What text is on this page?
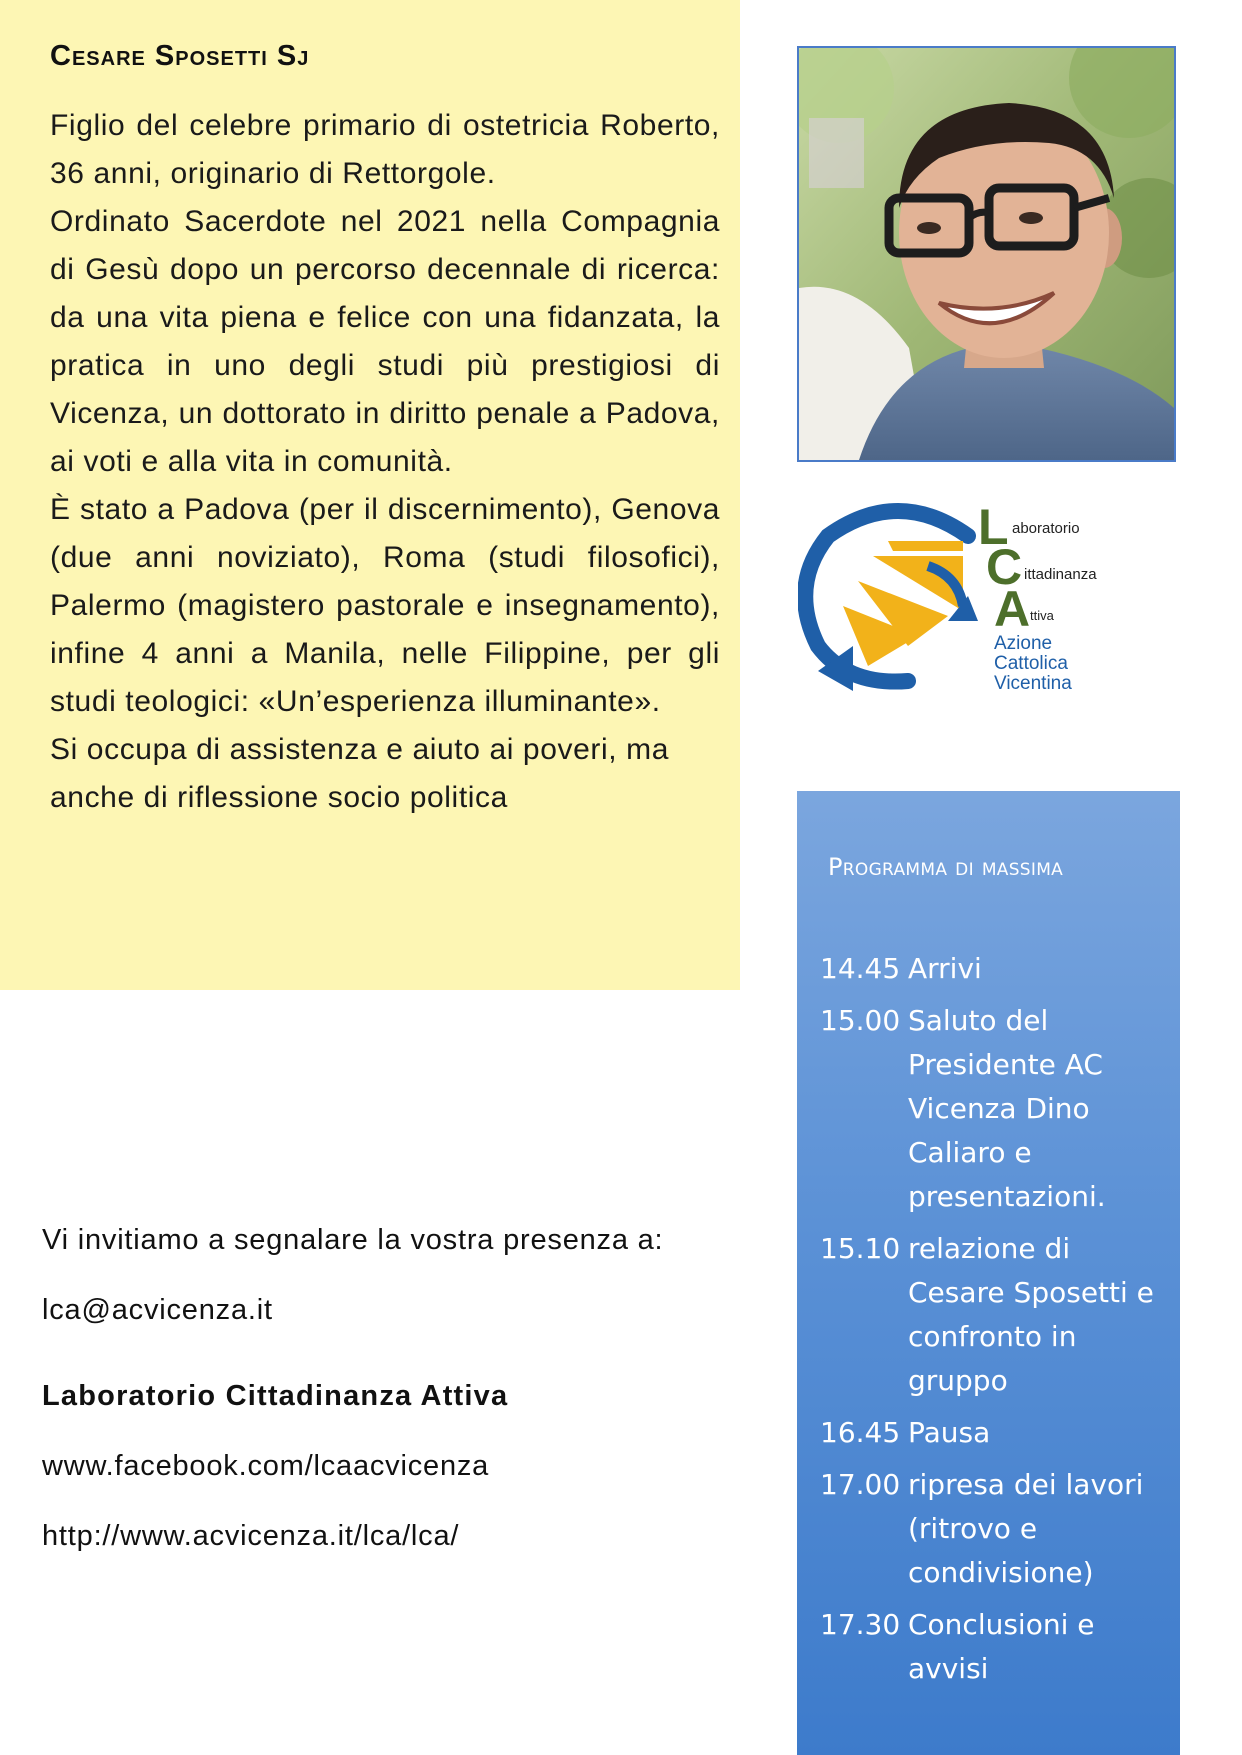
Cesare Sposetti Sj

Figlio del celebre primario di ostetricia Roberto, 36 anni, originario di Rettorgole.

Ordinato Sacerdote nel 2021 nella Compagnia di Gesù dopo un percorso decennale di ricerca: da una vita piena e felice con una fidanzata, la pratica in uno degli studi più prestigiosi di Vicenza, un dottorato in diritto penale a Padova, ai voti e alla vita in comunità.

È stato a Padova (per il discernimento), Genova (due anni noviziato), Roma (studi filosofici), Palermo (magistero pastorale e insegnamento), infine 4 anni a Manila, nelle Filippine, per gli studi teologici: «Un’esperienza illuminante».

Si occupa di assistenza e aiuto ai poveri, ma anche di riflessione socio politica

L aboratorio
C ittadinanza
A ttiva
Azione
Cattolica
Vicentina
Programma di massima
14.45 Arrivi
15.00 Saluto del Presidente AC Vicenza Dino Caliaro e presentazioni.
15.10 relazione di Cesare Sposetti e confronto in gruppo
16.45 Pausa
17.00 ripresa dei lavori (ritrovo e condivisione)
17.30 Conclusioni e avvisi
Vi invitiamo a segnalare la vostra presenza a:
lca@acvicenza.it
Laboratorio Cittadinanza Attiva
www.facebook.com/lcaacvicenza
http://www.acvicenza.it/lca/lca/
